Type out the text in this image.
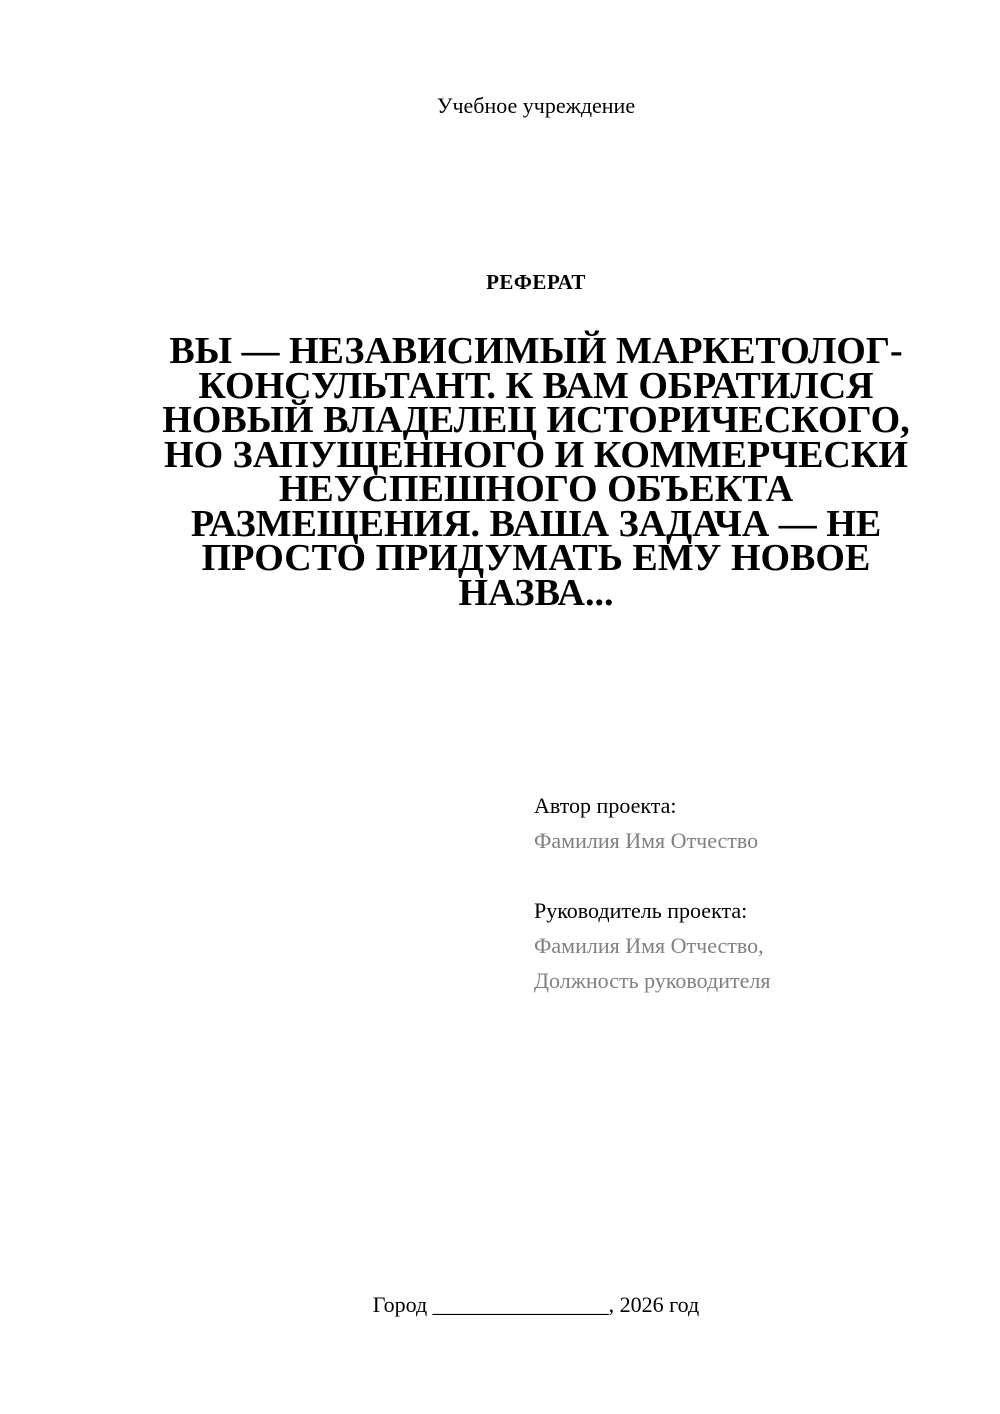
Учебное учреждение
РЕФЕРАТ
ВЫ — НЕЗАВИСИМЫЙ МАРКЕТОЛОГ-КОНСУЛЬТАНТ. К ВАМ ОБРАТИЛСЯ НОВЫЙ ВЛАДЕЛЕЦ ИСТОРИЧЕСКОГО, НО ЗАПУЩЕННОГО И КОММЕРЧЕСКИ НЕУСПЕШНОГО ОБЪЕКТА РАЗМЕЩЕНИЯ. ВАША ЗАДАЧА — НЕ ПРОСТО ПРИДУМАТЬ ЕМУ НОВОЕ НАЗВА...
Автор проекта:
Фамилия Имя Отчество
Руководитель проекта:
Фамилия Имя Отчество,
Должность руководителя
Город ________________, 2026 год
